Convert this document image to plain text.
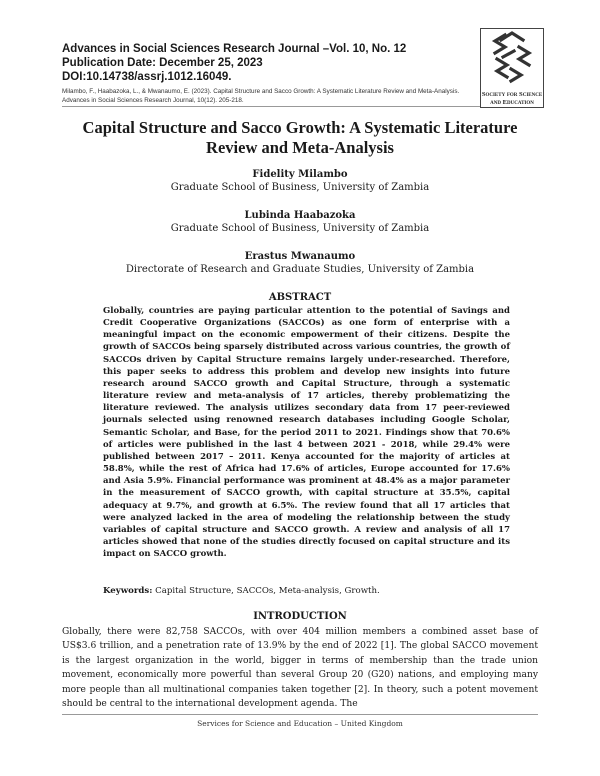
Advances in Social Sciences Research Journal –Vol. 10, No. 12
Publication Date: December 25, 2023
DOI:10.14738/assrj.1012.16049.
Milambo, F., Haabazoka, L., & Mwanaumo, E. (2023). Capital Structure and Sacco Growth: A Systematic Literature Review and Meta-Analysis. Advances in Social Sciences Research Journal, 10(12). 205-218.
Society for Science
and Education
Capital Structure and Sacco Growth: A Systematic Literature Review and Meta-Analysis
Fidelity Milambo
Graduate School of Business, University of Zambia
Lubinda Haabazoka
Graduate School of Business, University of Zambia
Erastus Mwanaumo
Directorate of Research and Graduate Studies, University of Zambia
ABSTRACT
Globally, countries are paying particular attention to the potential of Savings and Credit Cooperative Organizations (SACCOs) as one form of enterprise with a meaningful impact on the economic empowerment of their citizens. Despite the growth of SACCOs being sparsely distributed across various countries, the growth of SACCOs driven by Capital Structure remains largely under-researched. Therefore, this paper seeks to address this problem and develop new insights into future research around SACCO growth and Capital Structure, through a systematic literature review and meta-analysis of 17 articles, thereby problematizing the literature reviewed. The analysis utilizes secondary data from 17 peer-reviewed journals selected using renowned research databases including Google Scholar, Semantic Scholar, and Base, for the period 2011 to 2021. Findings show that 70.6% of articles were published in the last 4 between 2021 - 2018, while 29.4% were published between 2017 – 2011. Kenya accounted for the majority of articles at 58.8%, while the rest of Africa had 17.6% of articles, Europe accounted for 17.6% and Asia 5.9%. Financial performance was prominent at 48.4% as a major parameter in the measurement of SACCO growth, with capital structure at 35.5%, capital adequacy at 9.7%, and growth at 6.5%. The review found that all 17 articles that were analyzed lacked in the area of modeling the relationship between the study variables of capital structure and SACCO growth. A review and analysis of all 17 articles showed that none of the studies directly focused on capital structure and its impact on SACCO growth.
Keywords: Capital Structure, SACCOs, Meta-analysis, Growth.
INTRODUCTION
Globally, there were 82,758 SACCOs, with over 404 million members a combined asset base of US$3.6 trillion, and a penetration rate of 13.9% by the end of 2022 [1]. The global SACCO movement is the largest organization in the world, bigger in terms of membership than the trade union movement, economically more powerful than several Group 20 (G20) nations, and employing many more people than all multinational companies taken together [2]. In theory, such a potent movement should be central to the international development agenda. The
Services for Science and Education – United Kingdom
